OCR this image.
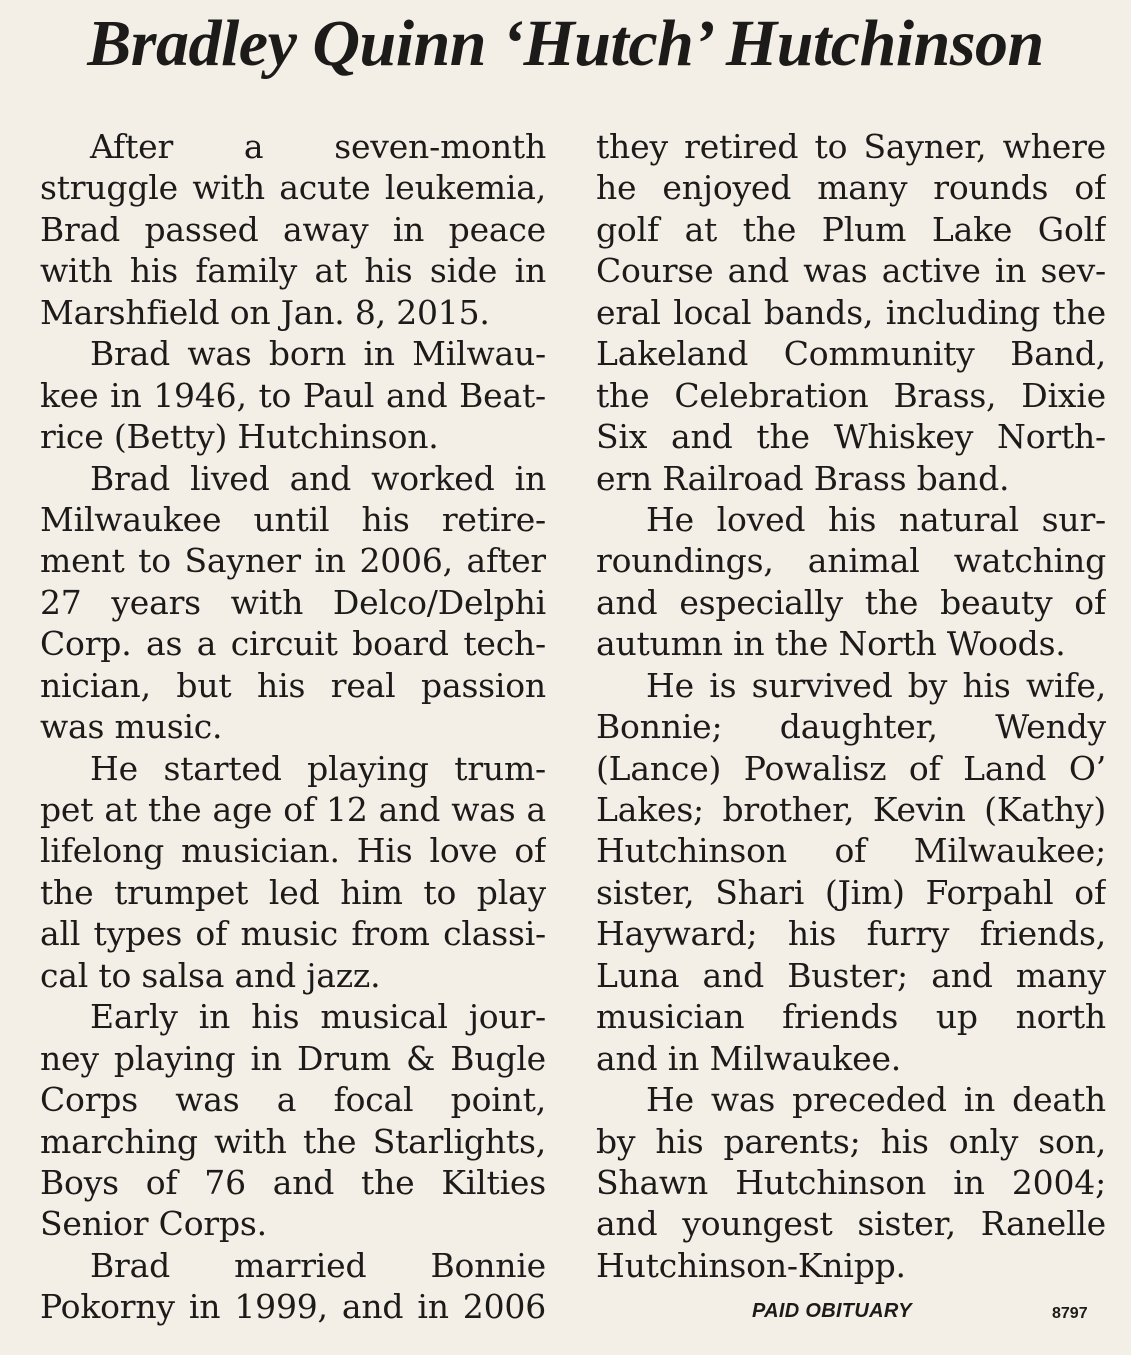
Bradley Quinn ‘Hutch’ Hutchinson
After a seven-month
struggle with acute leukemia,
Brad passed away in peace
with his family at his side in
Marshfield on Jan. 8, 2015.
Brad was born in Milwau-
kee in 1946, to Paul and Beat-
rice (Betty) Hutchinson.
Brad lived and worked in
Milwaukee until his retire-
ment to Sayner in 2006, after
27 years with Delco/Delphi
Corp. as a circuit board tech-
nician, but his real passion
was music.
He started playing trum-
pet at the age of 12 and was a
lifelong musician. His love of
the trumpet led him to play
all types of music from classi-
cal to salsa and jazz.
Early in his musical jour-
ney playing in Drum & Bugle
Corps was a focal point,
marching with the Starlights,
Boys of 76 and the Kilties
Senior Corps.
Brad married Bonnie
Pokorny in 1999, and in 2006
they retired to Sayner, where
he enjoyed many rounds of
golf at the Plum Lake Golf
Course and was active in sev-
eral local bands, including the
Lakeland Community Band,
the Celebration Brass, Dixie
Six and the Whiskey North-
ern Railroad Brass band.
He loved his natural sur-
roundings, animal watching
and especially the beauty of
autumn in the North Woods.
He is survived by his wife,
Bonnie; daughter, Wendy
(Lance) Powalisz of Land O’
Lakes; brother, Kevin (Kathy)
Hutchinson of Milwaukee;
sister, Shari (Jim) Forpahl of
Hayward; his furry friends,
Luna and Buster; and many
musician friends up north
and in Milwaukee.
He was preceded in death
by his parents; his only son,
Shawn Hutchinson in 2004;
and youngest sister, Ranelle
Hutchinson-Knipp.
PAID OBITUARY	8797
